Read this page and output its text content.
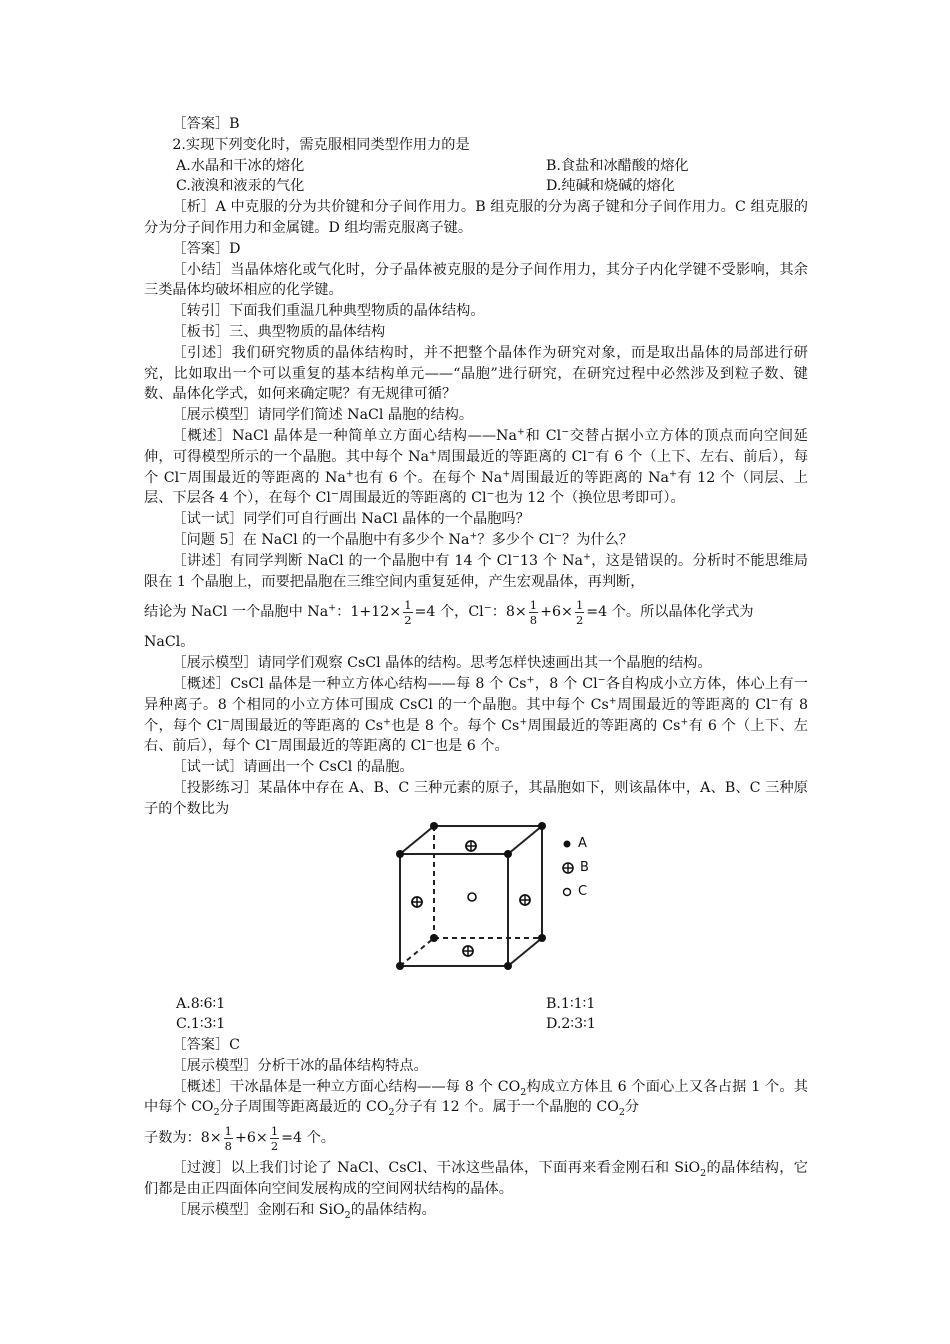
［答案］B

2.实现下列变化时，需克服相同类型作用力的是

A.水晶和干冰的熔化	B.食盐和冰醋酸的熔化
C.液溴和液汞的气化	D.纯碱和烧碱的熔化

［析］A 中克服的分为共价键和分子间作用力。B 组克服的分为离子键和分子间作用力。C 组克服的分为分子间作用力和金属键。D 组均需克服离子键。

［答案］D

［小结］当晶体熔化或气化时，分子晶体被克服的是分子间作用力，其分子内化学键不受影响，其余三类晶体均破坏相应的化学键。

［转引］下面我们重温几种典型物质的晶体结构。

［板书］三、典型物质的晶体结构

［引述］我们研究物质的晶体结构时，并不把整个晶体作为研究对象，而是取出晶体的局部进行研究，比如取出一个可以重复的基本结构单元——“晶胞”进行研究，在研究过程中必然涉及到粒子数、键数、晶体化学式，如何来确定呢？有无规律可循？

［展示模型］请同学们简述 NaCl 晶胞的结构。

［概述］NaCl 晶体是一种简单立方面心结构——Na+和 Cl−交替占据小立方体的顶点而向空间延伸，可得模型所示的一个晶胞。其中每个 Na+周围最近的等距离的 Cl−有 6 个（上下、左右、前后），每个 Cl−周围最近的等距离的 Na+也有 6 个。在每个 Na+周围最近的等距离的 Na+有 12 个（同层、上层、下层各 4 个），在每个 Cl−周围最近的等距离的 Cl−也为 12 个（换位思考即可）。

［试一试］同学们可自行画出 NaCl 晶体的一个晶胞吗？

［问题 5］在 NaCl 的一个晶胞中有多少个 Na+？多少个 Cl−？为什么？

［讲述］有同学判断 NaCl 的一个晶胞中有 14 个 Cl−13 个 Na+，这是错误的。分析时不能思维局限在 1 个晶胞上，而要把晶胞在三维空间内重复延伸，产生宏观晶体，再判断，

结论为 NaCl 一个晶胞中 Na+：$1+12\times \frac{1}{2} =4$ 个，Cl−：$8\times \frac{1}{8} +6\times \frac{1}{2} =4$ 个。所以晶体化学式为

NaCl。

［展示模型］请同学们观察 CsCl 晶体的结构。思考怎样快速画出其一个晶胞的结构。

［概述］CsCl 晶体是一种立方体心结构——每 8 个 Cs+，8 个 Cl−各自构成小立方体，体心上有一异种离子。8 个相同的小立方体可围成 CsCl 的一个晶胞。其中每个 Cs+周围最近的等距离的 Cl−有 8 个，每个 Cl−周围最近的等距离的 Cs+也是 8 个。每个 Cs+周围最近的等距离的 Cs+有 6 个（上下、左右、前后），每个 Cl−周围最近的等距离的 Cl−也是 6 个。

［试一试］请画出一个 CsCl 的晶胞。

［投影练习］某晶体中存在 A、B、C 三种元素的原子，其晶胞如下，则该晶体中，A、B、C 三种原子的个数比为

A
B
C
A.8∶6∶1	B.1∶1∶1
C.1∶3∶1	D.2∶3∶1

［答案］C

［展示模型］分析干冰的晶体结构特点。

［概述］干冰晶体是一种立方面心结构——每 8 个 $CO_2$构成立方体且 6 个面心上又各占据 1 个。其中每个 $CO_2$分子周围等距离最近的 $CO_2$分子有 12 个。属于一个晶胞的 $CO_2$分

子数为：$8\times \frac{1}{8} +6\times \frac{1}{2} =4$ 个。

［过渡］以上我们讨论了 NaCl、CsCl、干冰这些晶体，下面再来看金刚石和 SiO$_2$的晶体结构，它们都是由正四面体向空间发展构成的空间网状结构的晶体。

［展示模型］金刚石和 SiO$_2$的晶体结构。
